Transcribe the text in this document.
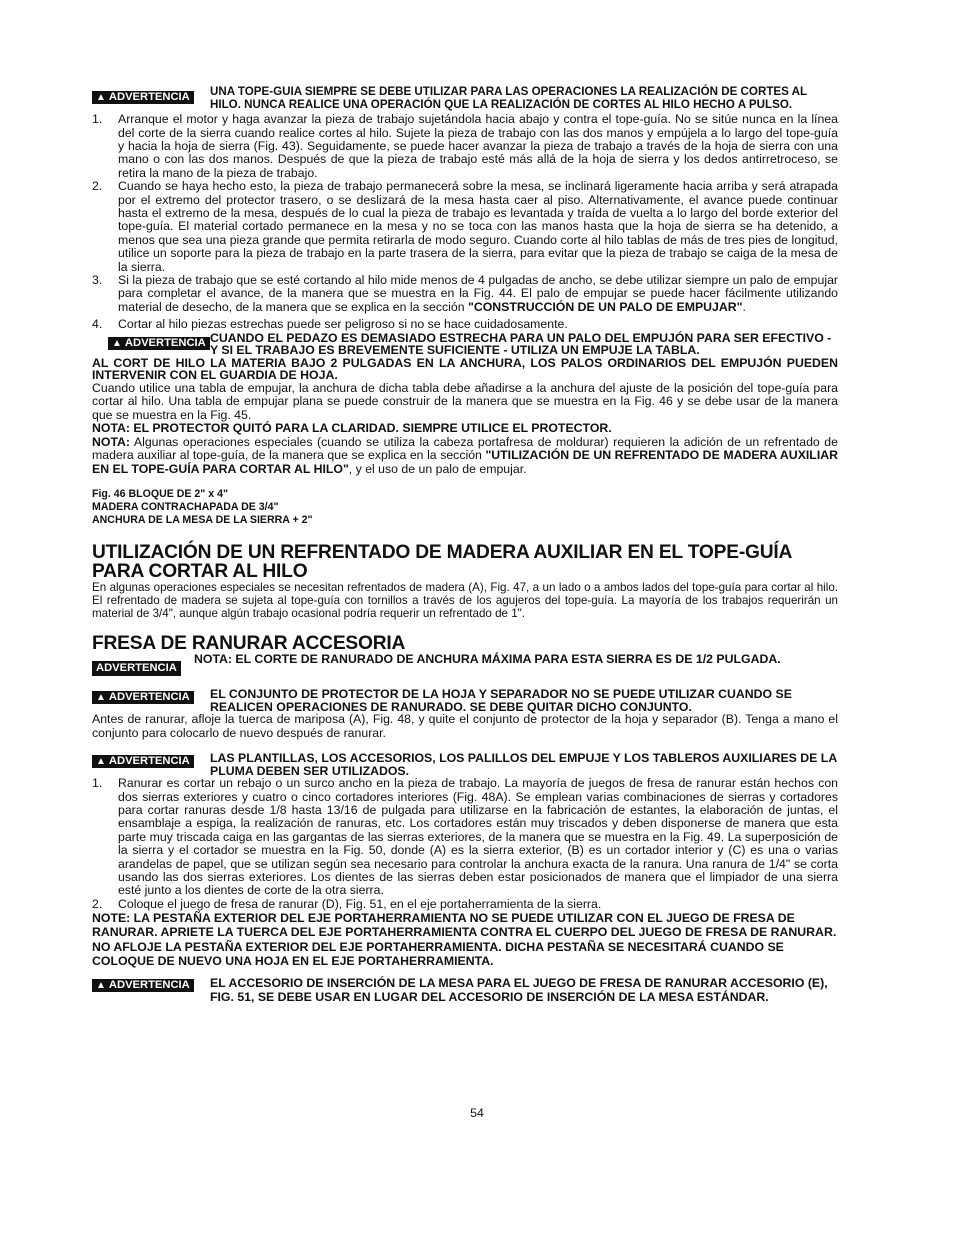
▲ ADVERTENCIA UNA TOPE-GUIA SIEMPRE SE DEBE UTILIZAR PARA LAS OPERACIONES LA REALIZACIÓN DE CORTES AL HILO. NUNCA REALICE UNA OPERACIÓN QUE LA REALIZACIÓN DE CORTES AL HILO HECHO A PULSO.
1.	Arranque el motor y haga avanzar la pieza de trabajo sujetándola hacia abajo y contra el tope-guía. No se sitúe nunca en la línea del corte de la sierra cuando realice cortes al hilo. Sujete la pieza de trabajo con las dos manos y empújela a lo largo del tope-guía y hacia la hoja de sierra (Fig. 43). Seguidamente, se puede hacer avanzar la pieza de trabajo a través de la hoja de sierra con una mano o con las dos manos. Después de que la pieza de trabajo esté más allá de la hoja de sierra y los dedos antirretroceso, se retira la mano de la pieza de trabajo.
2.	Cuando se haya hecho esto, la pieza de trabajo permanecerá sobre la mesa, se inclinará ligeramente hacia arriba y será atrapada por el extremo del protector trasero, o se deslizará de la mesa hasta caer al piso. Alternativamente, el avance puede continuar hasta el extremo de la mesa, después de lo cual la pieza de trabajo es levantada y traída de vuelta a lo largo del borde exterior del tope-guía. El material cortado permanece en la mesa y no se toca con las manos hasta que la hoja de sierra se ha detenido, a menos que sea una pieza grande que permita retirarla de modo seguro. Cuando corte al hilo tablas de más de tres pies de longitud, utilice un soporte para la pieza de trabajo en la parte trasera de la sierra, para evitar que la pieza de trabajo se caiga de la mesa de la sierra.
3.	Si la pieza de trabajo que se esté cortando al hilo mide menos de 4 pulgadas de ancho, se debe utilizar siempre un palo de empujar para completar el avance, de la manera que se muestra en la Fig. 44. El palo de empujar se puede hacer fácilmente utilizando material de desecho, de la manera que se explica en la sección "CONSTRUCCIÓN DE UN PALO DE EMPUJAR".
4.	Cortar al hilo piezas estrechas puede ser peligroso si no se hace cuidadosamente.
▲ ADVERTENCIA CUANDO EL PEDAZO ES DEMASIADO ESTRECHA PARA UN PALO DEL EMPUJÓN PARA SER EFECTIVO - Y SI EL TRABAJO ES BREVEMENTE SUFICIENTE - UTILIZA UN EMPUJE LA TABLA.

AL CORT DE HILO LA MATERIA BAJO 2 PULGADAS EN LA ANCHURA, LOS PALOS ORDINARIOS DEL EMPUJÓN PUEDEN INTERVENIR CON EL GUARDIA DE HOJA.

Cuando utilice una tabla de empujar, la anchura de dicha tabla debe añadirse a la anchura del ajuste de la posición del tope-guía para cortar al hilo. Una tabla de empujar plana se puede construir de la manera que se muestra en la Fig. 46 y se debe usar de la manera que se muestra en la Fig. 45.

NOTA: EL PROTECTOR QUITÓ PARA LA CLARIDAD. SIEMPRE UTILICE EL PROTECTOR.

NOTA: Algunas operaciones especiales (cuando se utiliza la cabeza portafresa de moldurar) requieren la adición de un refrentado de madera auxiliar al tope-guía, de la manera que se explica en la sección "UTILIZACIÓN DE UN REFRENTADO DE MADERA AUXILIAR EN EL TOPE-GUÍA PARA CORTAR AL HILO", y el uso de un palo de empujar.

Fig. 46 BLOQUE DE 2" x 4"

MADERA CONTRACHAPADA DE 3/4"

ANCHURA DE LA MESA DE LA SIERRA + 2"

UTILIZACIÓN DE UN REFRENTADO DE MADERA AUXILIAR EN EL TOPE-GUÍA PARA CORTAR AL HILO

En algunas operaciones especiales se necesitan refrentados de madera (A), Fig. 47, a un lado o a ambos lados del tope-guía para cortar al hilo. El refrentado de madera se sujeta al tope-guía con tornillos a través de los agujeros del tope-guía. La mayoría de los trabajos requerirán un material de 3/4", aunque algún trabajo ocasional podría requerir un refrentado de 1".

FRESA DE RANURAR ACCESORIA
ADVERTENCIA
NOTA: EL CORTE DE RANURADO DE ANCHURA MÁXIMA PARA ESTA SIERRA ES DE 1/2 PULGADA.
▲ ADVERTENCIA EL CONJUNTO DE PROTECTOR DE LA HOJA Y SEPARADOR NO SE PUEDE UTILIZAR CUANDO SE REALICEN OPERACIONES DE RANURADO. SE DEBE QUITAR DICHO CONJUNTO.

Antes de ranurar, afloje la tuerca de mariposa (A), Fig. 48, y quite el conjunto de protector de la hoja y separador (B). Tenga a mano el conjunto para colocarlo de nuevo después de ranurar.

▲ ADVERTENCIA LAS PLANTILLAS, LOS ACCESORIOS, LOS PALILLOS DEL EMPUJE Y LOS TABLEROS AUXILIARES DE LA PLUMA DEBEN SER UTILIZADOS.
1.	Ranurar es cortar un rebajo o un surco ancho en la pieza de trabajo. La mayoría de juegos de fresa de ranurar están hechos con dos sierras exteriores y cuatro o cinco cortadores interiores (Fig. 48A). Se emplean varias combinaciones de sierras y cortadores para cortar ranuras desde 1/8 hasta 13/16 de pulgada para utilizarse en la fabricación de estantes, la elaboración de juntas, el ensamblaje a espiga, la realización de ranuras, etc. Los cortadores están muy triscados y deben disponerse de manera que esta parte muy triscada caiga en las gargantas de las sierras exteriores, de la manera que se muestra en la Fig. 49. La superposición de la sierra y el cortador se muestra en la Fig. 50, donde (A) es la sierra exterior, (B) es un cortador interior y (C) es una o varias arandelas de papel, que se utilizan según sea necesario para controlar la anchura exacta de la ranura. Una ranura de 1/4" se corta usando las dos sierras exteriores. Los dientes de las sierras deben estar posicionados de manera que el limpiador de una sierra esté junto a los dientes de corte de la otra sierra.
2.	Coloque el juego de fresa de ranurar (D), Fig. 51, en el eje portaherramienta de la sierra.

NOTE: LA PESTAÑA EXTERIOR DEL EJE PORTAHERRAMIENTA NO SE PUEDE UTILIZAR CON EL JUEGO DE FRESA DE RANURAR. APRIETE LA TUERCA DEL EJE PORTAHERRAMIENTA CONTRA EL CUERPO DEL JUEGO DE FRESA DE RANURAR. NO AFLOJE LA PESTAÑA EXTERIOR DEL EJE PORTAHERRAMIENTA. DICHA PESTAÑA SE NECESITARÁ CUANDO SE COLOQUE DE NUEVO UNA HOJA EN EL EJE PORTAHERRAMIENTA.

▲ ADVERTENCIA EL ACCESORIO DE INSERCIÓN DE LA MESA PARA EL JUEGO DE FRESA DE RANURAR ACCESORIO (E), FIG. 51, SE DEBE USAR EN LUGAR DEL ACCESORIO DE INSERCIÓN DE LA MESA ESTÁNDAR.
54
